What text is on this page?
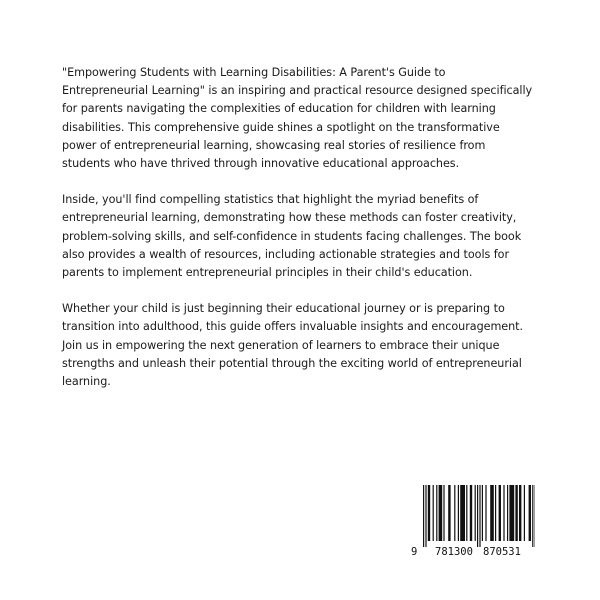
"Empowering Students with Learning Disabilities: A Parent's Guide to Entrepreneurial Learning" is an inspiring and practical resource designed specifically for parents navigating the complexities of education for children with learning disabilities. This comprehensive guide shines a spotlight on the transformative power of entrepreneurial learning, showcasing real stories of resilience from students who have thrived through innovative educational approaches.

Inside, you'll find compelling statistics that highlight the myriad benefits of entrepreneurial learning, demonstrating how these methods can foster creativity, problem-solving skills, and self-confidence in students facing challenges. The book also provides a wealth of resources, including actionable strategies and tools for parents to implement entrepreneurial principles in their child's education.

Whether your child is just beginning their educational journey or is preparing to transition into adulthood, this guide offers invaluable insights and encouragement. Join us in empowering the next generation of learners to embrace their unique strengths and unleash their potential through the exciting world of entrepreneurial learning.

9 781300 870531
